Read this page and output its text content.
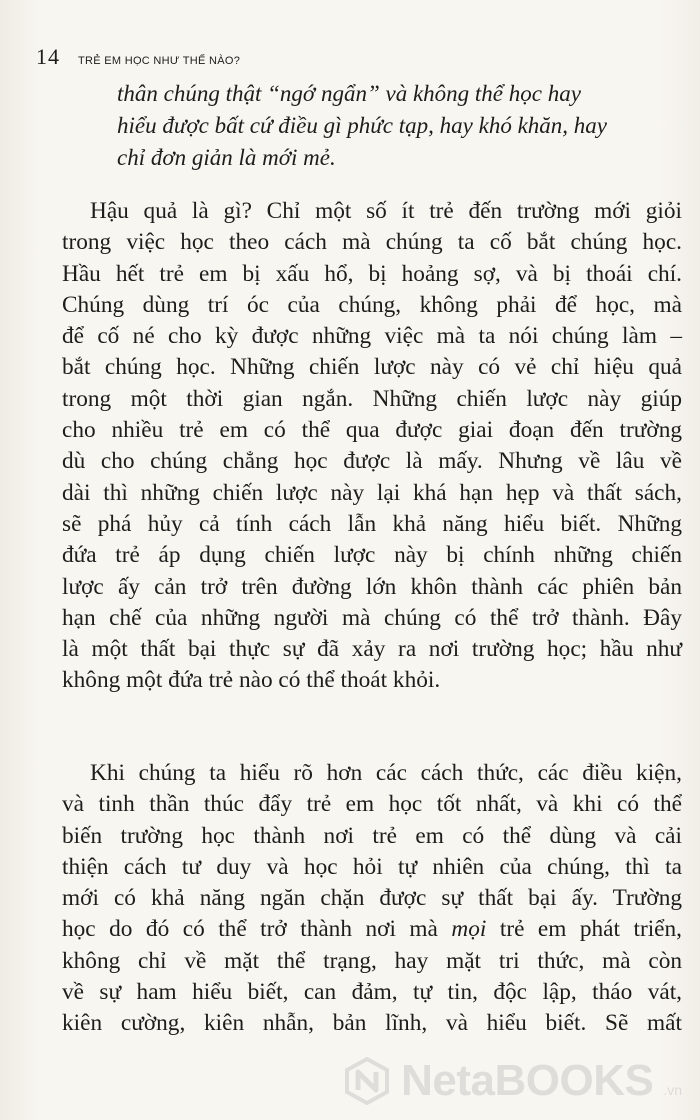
14 TRẺ EM HỌC NHƯ THẾ NÀO?
thân chúng thật “ngớ ngẩn” và không thể học hay
hiểu được bất cứ điều gì phức tạp, hay khó khăn, hay
chỉ đơn giản là mới mẻ.
Hậu quả là gì? Chỉ một số ít trẻ đến trường mới giỏi
trong việc học theo cách mà chúng ta cố bắt chúng học.
Hầu hết trẻ em bị xấu hổ, bị hoảng sợ, và bị thoái chí.
Chúng dùng trí óc của chúng, không phải để học, mà
để cố né cho kỳ được những việc mà ta nói chúng làm –
bắt chúng học. Những chiến lược này có vẻ chỉ hiệu quả
trong một thời gian ngắn. Những chiến lược này giúp
cho nhiều trẻ em có thể qua được giai đoạn đến trường
dù cho chúng chẳng học được là mấy. Nhưng về lâu về
dài thì những chiến lược này lại khá hạn hẹp và thất sách,
sẽ phá hủy cả tính cách lẫn khả năng hiểu biết. Những
đứa trẻ áp dụng chiến lược này bị chính những chiến
lược ấy cản trở trên đường lớn khôn thành các phiên bản
hạn chế của những người mà chúng có thể trở thành. Đây
là một thất bại thực sự đã xảy ra nơi trường học; hầu như
không một đứa trẻ nào có thể thoát khỏi.
Khi chúng ta hiểu rõ hơn các cách thức, các điều kiện,
và tinh thần thúc đẩy trẻ em học tốt nhất, và khi có thể
biến trường học thành nơi trẻ em có thể dùng và cải
thiện cách tư duy và học hỏi tự nhiên của chúng, thì ta
mới có khả năng ngăn chặn được sự thất bại ấy. Trường
học do đó có thể trở thành nơi mà mọi trẻ em phát triển,
không chỉ về mặt thể trạng, hay mặt tri thức, mà còn
về sự ham hiểu biết, can đảm, tự tin, độc lập, tháo vát,
kiên cường, kiên nhẫn, bản lĩnh, và hiểu biết. Sẽ mất
NetaBOOKS .vn
